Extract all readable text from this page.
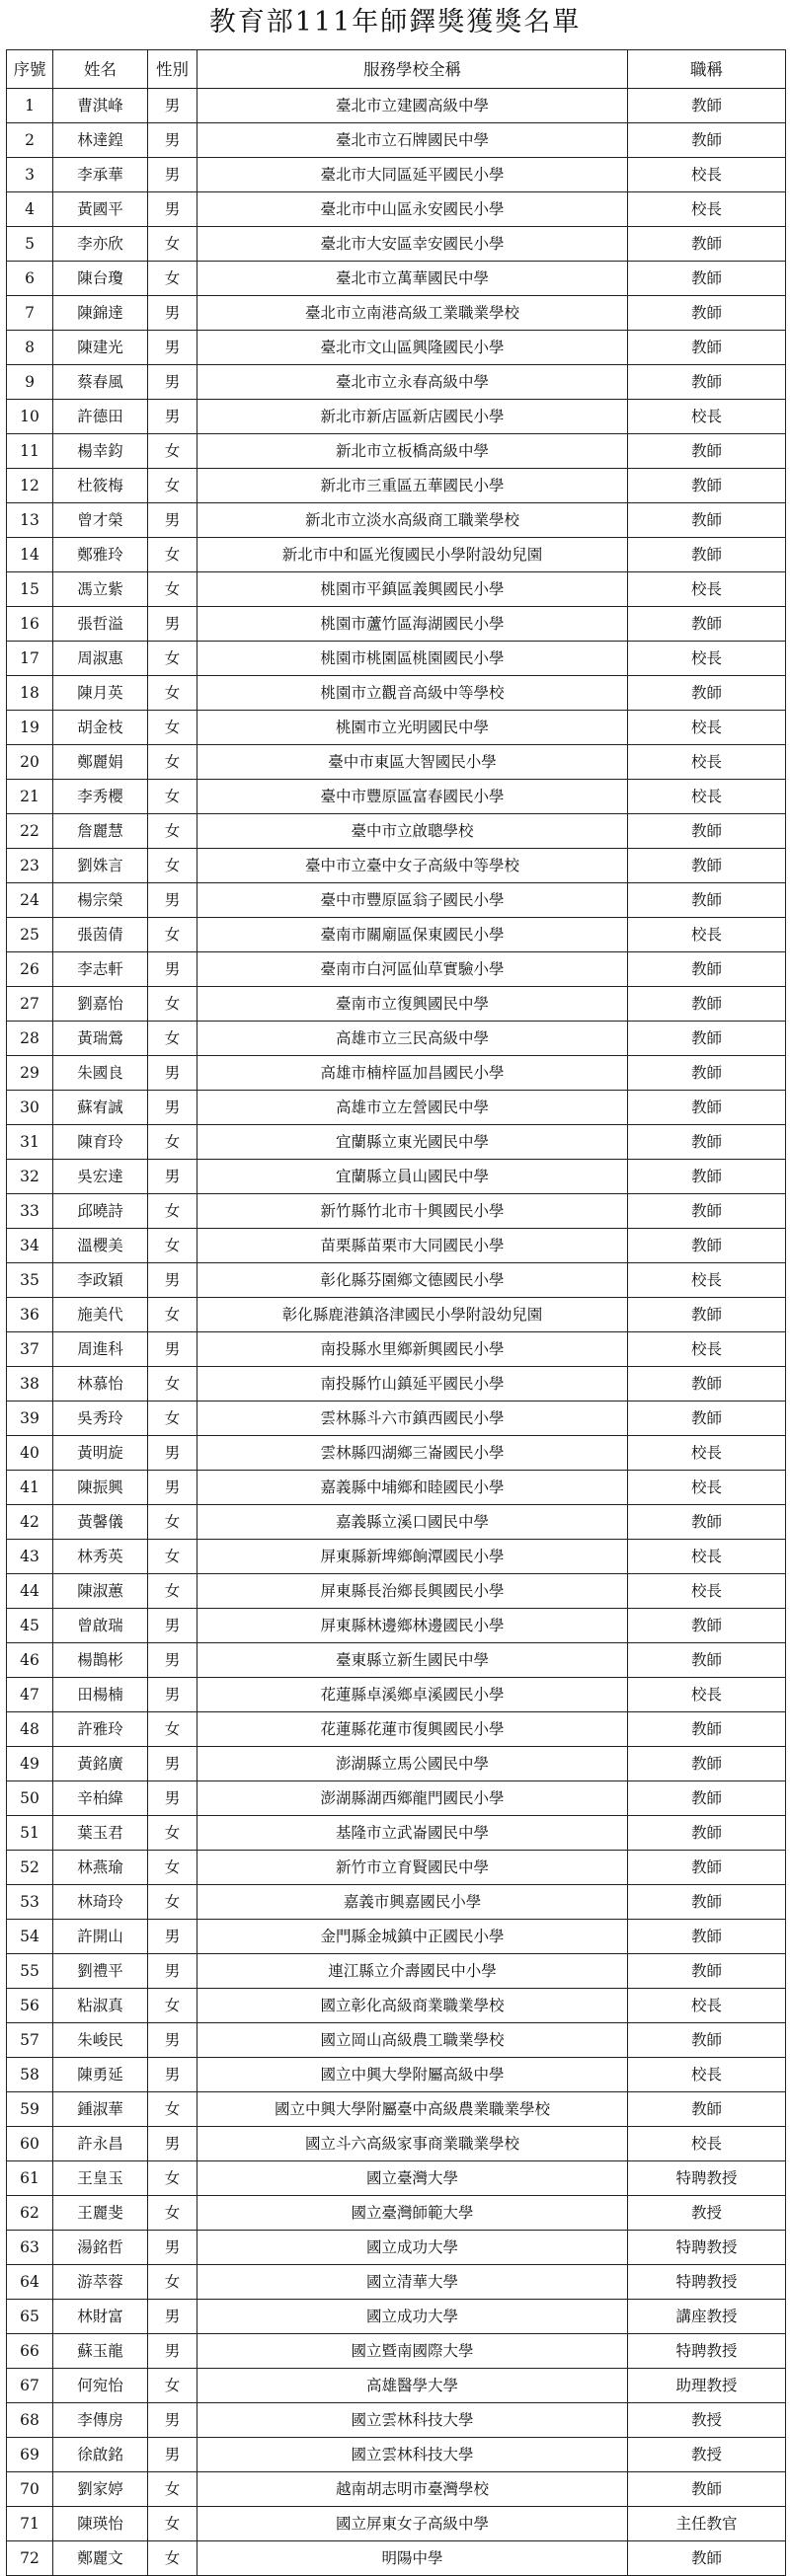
教育部111年師鐸獎獲獎名單
序號	姓名	性別	服務學校全稱	職稱
1	曹淇峰	男	臺北市立建國高級中學	教師
2	林達鍠	男	臺北市立石牌國民中學	教師
3	李承華	男	臺北市大同區延平國民小學	校長
4	黃國平	男	臺北市中山區永安國民小學	校長
5	李亦欣	女	臺北市大安區幸安國民小學	教師
6	陳台瓊	女	臺北市立萬華國民中學	教師
7	陳錦達	男	臺北市立南港高級工業職業學校	教師
8	陳建光	男	臺北市文山區興隆國民小學	教師
9	蔡春風	男	臺北市立永春高級中學	教師
10	許德田	男	新北市新店區新店國民小學	校長
11	楊幸鈞	女	新北市立板橋高級中學	教師
12	杜筱梅	女	新北市三重區五華國民小學	教師
13	曾才榮	男	新北市立淡水高級商工職業學校	教師
14	鄭雅玲	女	新北市中和區光復國民小學附設幼兒園	教師
15	馮立紫	女	桃園市平鎮區義興國民小學	校長
16	張哲溢	男	桃園市蘆竹區海湖國民小學	教師
17	周淑惠	女	桃園市桃園區桃園國民小學	校長
18	陳月英	女	桃園市立觀音高級中等學校	教師
19	胡金枝	女	桃園市立光明國民中學	校長
20	鄭麗娟	女	臺中市東區大智國民小學	校長
21	李秀櫻	女	臺中市豐原區富春國民小學	校長
22	詹麗慧	女	臺中市立啟聰學校	教師
23	劉姝言	女	臺中市立臺中女子高級中等學校	教師
24	楊宗榮	男	臺中市豐原區翁子國民小學	教師
25	張茵倩	女	臺南市關廟區保東國民小學	校長
26	李志軒	男	臺南市白河區仙草實驗小學	教師
27	劉嘉怡	女	臺南市立復興國民中學	教師
28	黃瑞鶯	女	高雄市立三民高級中學	教師
29	朱國良	男	高雄市楠梓區加昌國民小學	教師
30	蘇宥誠	男	高雄市立左營國民中學	教師
31	陳育玲	女	宜蘭縣立東光國民中學	教師
32	吳宏達	男	宜蘭縣立員山國民中學	教師
33	邱曉詩	女	新竹縣竹北市十興國民小學	教師
34	溫櫻美	女	苗栗縣苗栗市大同國民小學	教師
35	李政穎	男	彰化縣芬園鄉文德國民小學	校長
36	施美代	女	彰化縣鹿港鎮洛津國民小學附設幼兒園	教師
37	周進科	男	南投縣水里鄉新興國民小學	校長
38	林慕怡	女	南投縣竹山鎮延平國民小學	教師
39	吳秀玲	女	雲林縣斗六市鎮西國民小學	教師
40	黃明旋	男	雲林縣四湖鄉三崙國民小學	校長
41	陳振興	男	嘉義縣中埔鄉和睦國民小學	校長
42	黃馨儀	女	嘉義縣立溪口國民中學	教師
43	林秀英	女	屏東縣新埤鄉餉潭國民小學	校長
44	陳淑蕙	女	屏東縣長治鄉長興國民小學	校長
45	曾啟瑞	男	屏東縣林邊鄉林邊國民小學	教師
46	楊鵲彬	男	臺東縣立新生國民中學	教師
47	田楊楠	男	花蓮縣卓溪鄉卓溪國民小學	校長
48	許雅玲	女	花蓮縣花蓮市復興國民小學	教師
49	黃銘廣	男	澎湖縣立馬公國民中學	教師
50	辛柏緯	男	澎湖縣湖西鄉龍門國民小學	教師
51	葉玉君	女	基隆市立武崙國民中學	教師
52	林燕瑜	女	新竹市立育賢國民中學	教師
53	林琦玲	女	嘉義市興嘉國民小學	教師
54	許開山	男	金門縣金城鎮中正國民小學	教師
55	劉禮平	男	連江縣立介壽國民中小學	教師
56	粘淑真	女	國立彰化高級商業職業學校	校長
57	朱峻民	男	國立岡山高級農工職業學校	教師
58	陳勇延	男	國立中興大學附屬高級中學	校長
59	鍾淑華	女	國立中興大學附屬臺中高級農業職業學校	教師
60	許永昌	男	國立斗六高級家事商業職業學校	校長
61	王皇玉	女	國立臺灣大學	特聘教授
62	王麗斐	女	國立臺灣師範大學	教授
63	湯銘哲	男	國立成功大學	特聘教授
64	游萃蓉	女	國立清華大學	特聘教授
65	林財富	男	國立成功大學	講座教授
66	蘇玉龍	男	國立暨南國際大學	特聘教授
67	何宛怡	女	高雄醫學大學	助理教授
68	李傳房	男	國立雲林科技大學	教授
69	徐啟銘	男	國立雲林科技大學	教授
70	劉家婷	女	越南胡志明市臺灣學校	教師
71	陳瑛怡	女	國立屏東女子高級中學	主任教官
72	鄭麗文	女	明陽中學	教師
